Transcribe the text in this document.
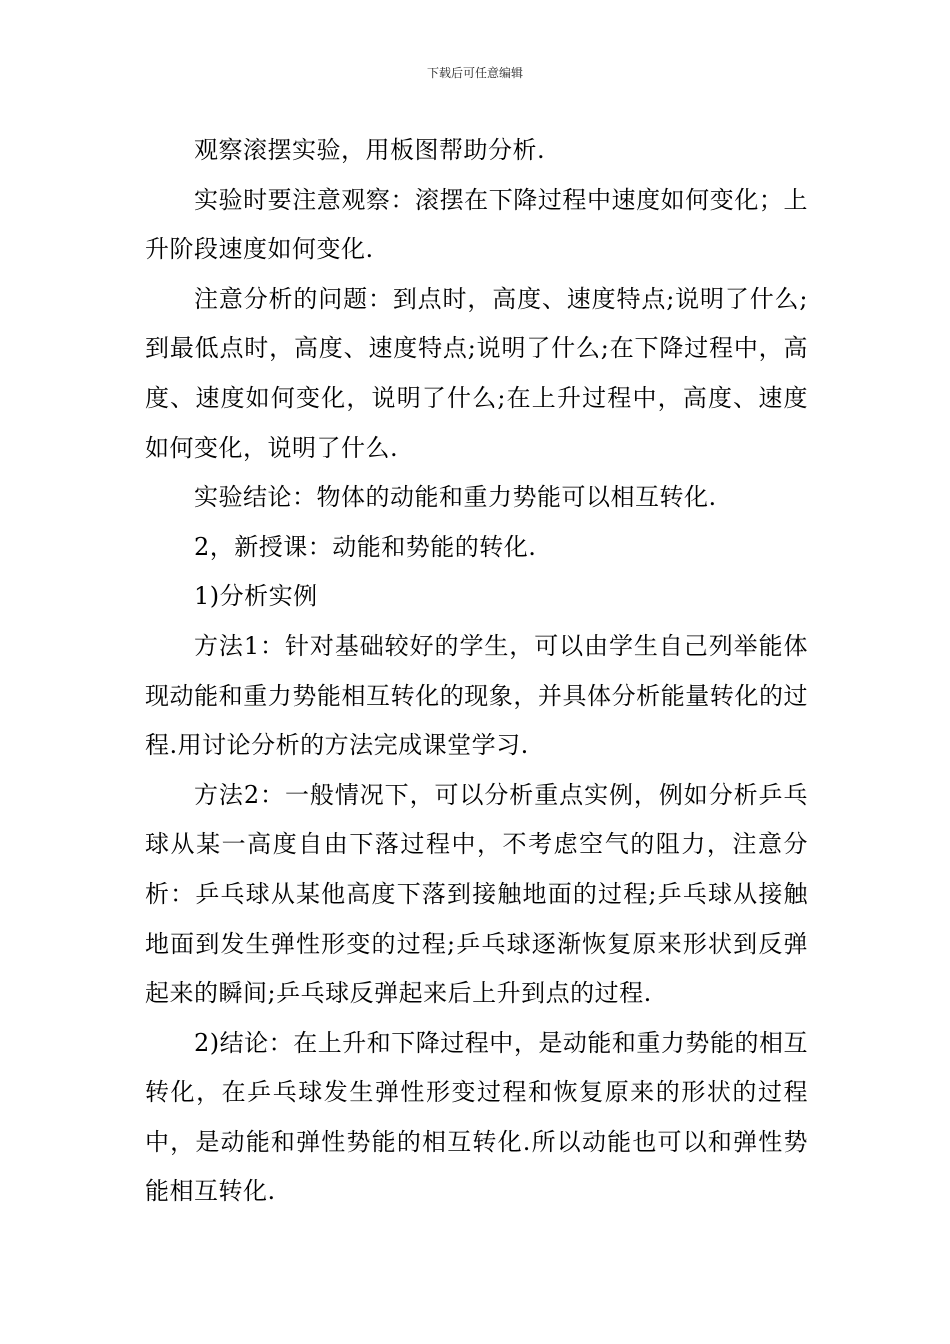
下载后可任意编辑

观察滚摆实验，用板图帮助分析.

实验时要注意观察：滚摆在下降过程中速度如何变化；上升阶段速度如何变化.

注意分析的问题：到点时，高度、速度特点;说明了什么;到最低点时，高度、速度特点;说明了什么;在下降过程中，高度、速度如何变化，说明了什么;在上升过程中，高度、速度如何变化，说明了什么.

实验结论：物体的动能和重力势能可以相互转化.

2，新授课：动能和势能的转化.

1)分析实例

方法1：针对基础较好的学生，可以由学生自己列举能体现动能和重力势能相互转化的现象，并具体分析能量转化的过程.用讨论分析的方法完成课堂学习.

方法2：一般情况下，可以分析重点实例，例如分析乒乓球从某一高度自由下落过程中，不考虑空气的阻力，注意分析：乒乓球从某他高度下落到接触地面的过程;乒乓球从接触地面到发生弹性形变的过程;乒乓球逐渐恢复原来形状到反弹起来的瞬间;乒乓球反弹起来后上升到点的过程.

2)结论：在上升和下降过程中，是动能和重力势能的相互转化，在乒乓球发生弹性形变过程和恢复原来的形状的过程中，是动能和弹性势能的相互转化.所以动能也可以和弹性势能相互转化.
